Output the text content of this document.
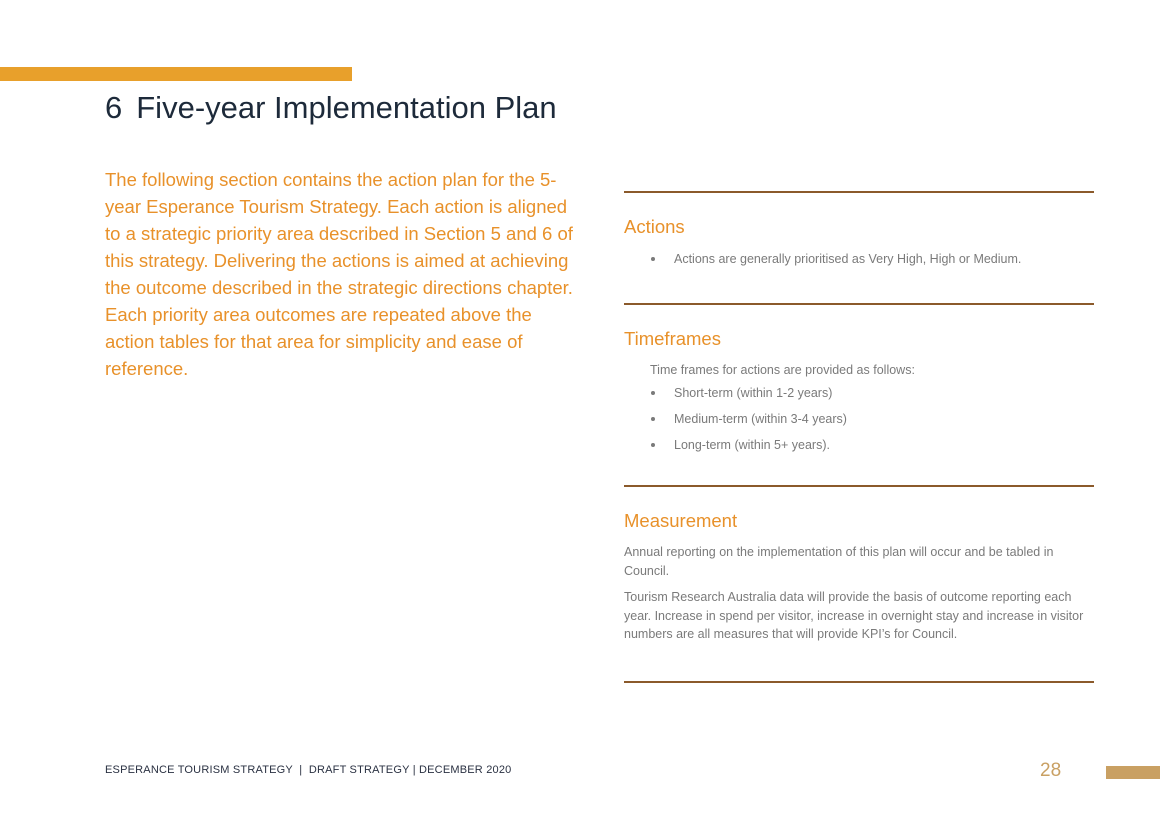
6 Five-year Implementation Plan

The following section contains the action plan for the 5-year Esperance Tourism Strategy. Each action is aligned to a strategic priority area described in Section 5 and 6 of this strategy. Delivering the actions is aimed at achieving the outcome described in the strategic directions chapter. Each priority area outcomes are repeated above the action tables for that area for simplicity and ease of reference.

Actions
Actions are generally prioritised as Very High, High or Medium.
Timeframes

Time frames for actions are provided as follows:

Short-term (within 1-2 years)
Medium-term (within 3-4 years)
Long-term (within 5+ years).
Measurement

Annual reporting on the implementation of this plan will occur and be tabled in Council.

Tourism Research Australia data will provide the basis of outcome reporting each year. Increase in spend per visitor, increase in overnight stay and increase in visitor numbers are all measures that will provide KPI’s for Council.

ESPERANCE TOURISM STRATEGY  |  DRAFT STRATEGY | DECEMBER 2020	28
